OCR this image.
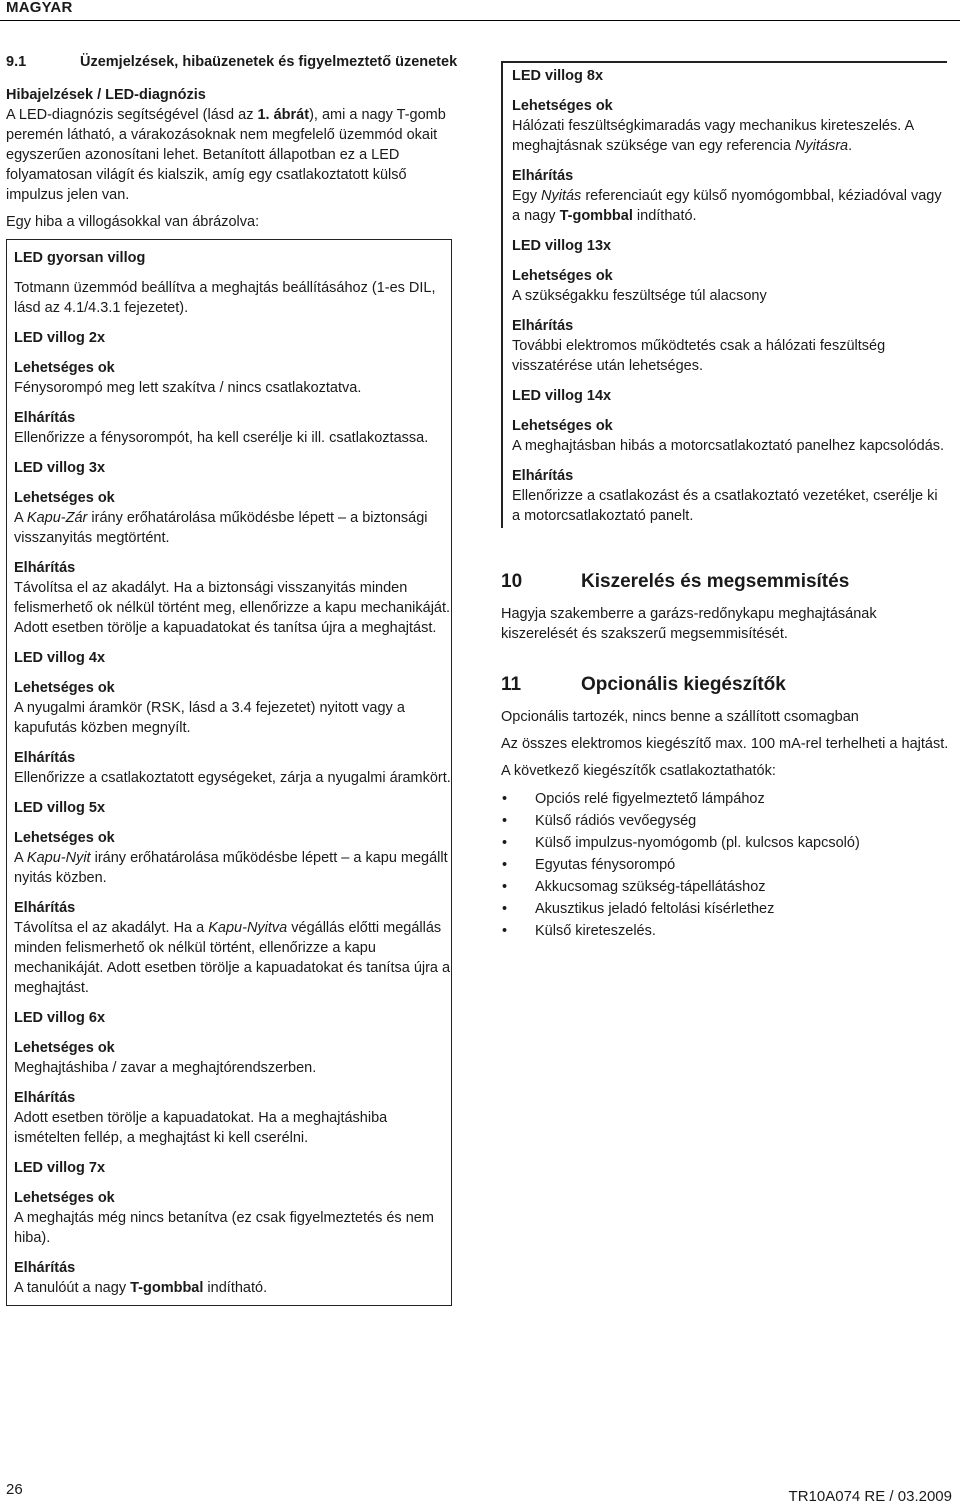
MAGYAR
9.1	Üzemjelzések, hibaüzenetek és figyelmeztető üzenetek
Hibajelzések / LED-diagnózis

A LED-diagnózis segítségével (lásd az 1. ábrát), ami a nagy T-gomb peremén látható, a várakozásoknak nem megfelelő üzemmód okait egyszerűen azonosítani lehet. Betanított állapotban ez a LED folyamatosan világít és kialszik, amíg egy csatlakoztatott külső impulzus jelen van.

Egy hiba a villogásokkal van ábrázolva:

LED gyorsan villog

Totmann üzemmód beállítva a meghajtás beállításához (1-es DIL, lásd az 4.1/4.3.1 fejezetet).

LED villog 2x
Lehetséges ok

Fénysorompó meg lett szakítva / nincs csatlakoztatva.

Elhárítás

Ellenőrizze a fénysorompót, ha kell cserélje ki ill. csatlakoztassa.

LED villog 3x
Lehetséges ok

A Kapu-Zár irány erőhatárolása működésbe lépett – a biztonsági visszanyitás megtörtént.

Elhárítás

Távolítsa el az akadályt. Ha a biztonsági visszanyitás minden felismerhető ok nélkül történt meg, ellenőrizze a kapu mechanikáját. Adott esetben törölje a kapuadatokat és tanítsa újra a meghajtást.

LED villog 4x
Lehetséges ok

A nyugalmi áramkör (RSK, lásd a 3.4 fejezetet) nyitott vagy a kapufutás közben megnyílt.

Elhárítás

Ellenőrizze a csatlakoztatott egységeket, zárja a nyugalmi áramkört.

LED villog 5x
Lehetséges ok

A Kapu-Nyit irány erőhatárolása működésbe lépett – a kapu megállt nyitás közben.

Elhárítás

Távolítsa el az akadályt. Ha a Kapu-Nyitva végállás előtti megállás minden felismerhető ok nélkül történt, ellenőrizze a kapu mechanikáját. Adott esetben törölje a kapuadatokat és tanítsa újra a meghajtást.

LED villog 6x
Lehetséges ok

Meghajtáshiba / zavar a meghajtórendszerben.

Elhárítás

Adott esetben törölje a kapuadatokat. Ha a meghajtáshiba ismételten fellép, a meghajtást ki kell cserélni.

LED villog 7x
Lehetséges ok

A meghajtás még nincs betanítva (ez csak figyelmeztetés és nem hiba).

Elhárítás

A tanulóút a nagy T-gombbal indítható.

LED villog 8x
Lehetséges ok

Hálózati feszültségkimaradás vagy mechanikus kireteszelés. A meghajtásnak szüksége van egy referencia Nyitásra.

Elhárítás

Egy Nyitás referenciaút egy külső nyomógombbal, kéziadóval vagy a nagy T-gombbal indítható.

LED villog 13x
Lehetséges ok

A szükségakku feszültsége túl alacsony

Elhárítás

További elektromos működtetés csak a hálózati feszültség visszatérése után lehetséges.

LED villog 14x
Lehetséges ok

A meghajtásban hibás a motorcsatlakoztató panelhez kapcsolódás.

Elhárítás

Ellenőrizze a csatlakozást és a csatlakoztató vezetéket, cserélje ki a motorcsatlakoztató panelt.

10	Kiszerelés és megsemmisítés

Hagyja szakemberre a garázs-redőnykapu meghajtásának kiszerelését és szakszerű megsemmisítését.

11	Opcionális kiegészítők

Opcionális tartozék, nincs benne a szállított csomagban

Az összes elektromos kiegészítő max. 100 mA-rel terhelheti a hajtást.

A következő kiegészítők csatlakoztathatók:

• Opciós relé figyelmeztető lámpához
• Külső rádiós vevőegység
• Külső impulzus-nyomógomb (pl. kulcsos kapcsoló)
• Egyutas fénysorompó
• Akkucsomag szükség-tápellátáshoz
• Akusztikus jeladó feltolási kísérlethez
• Külső kireteszelés.
26	TR10A074 RE / 03.2009
